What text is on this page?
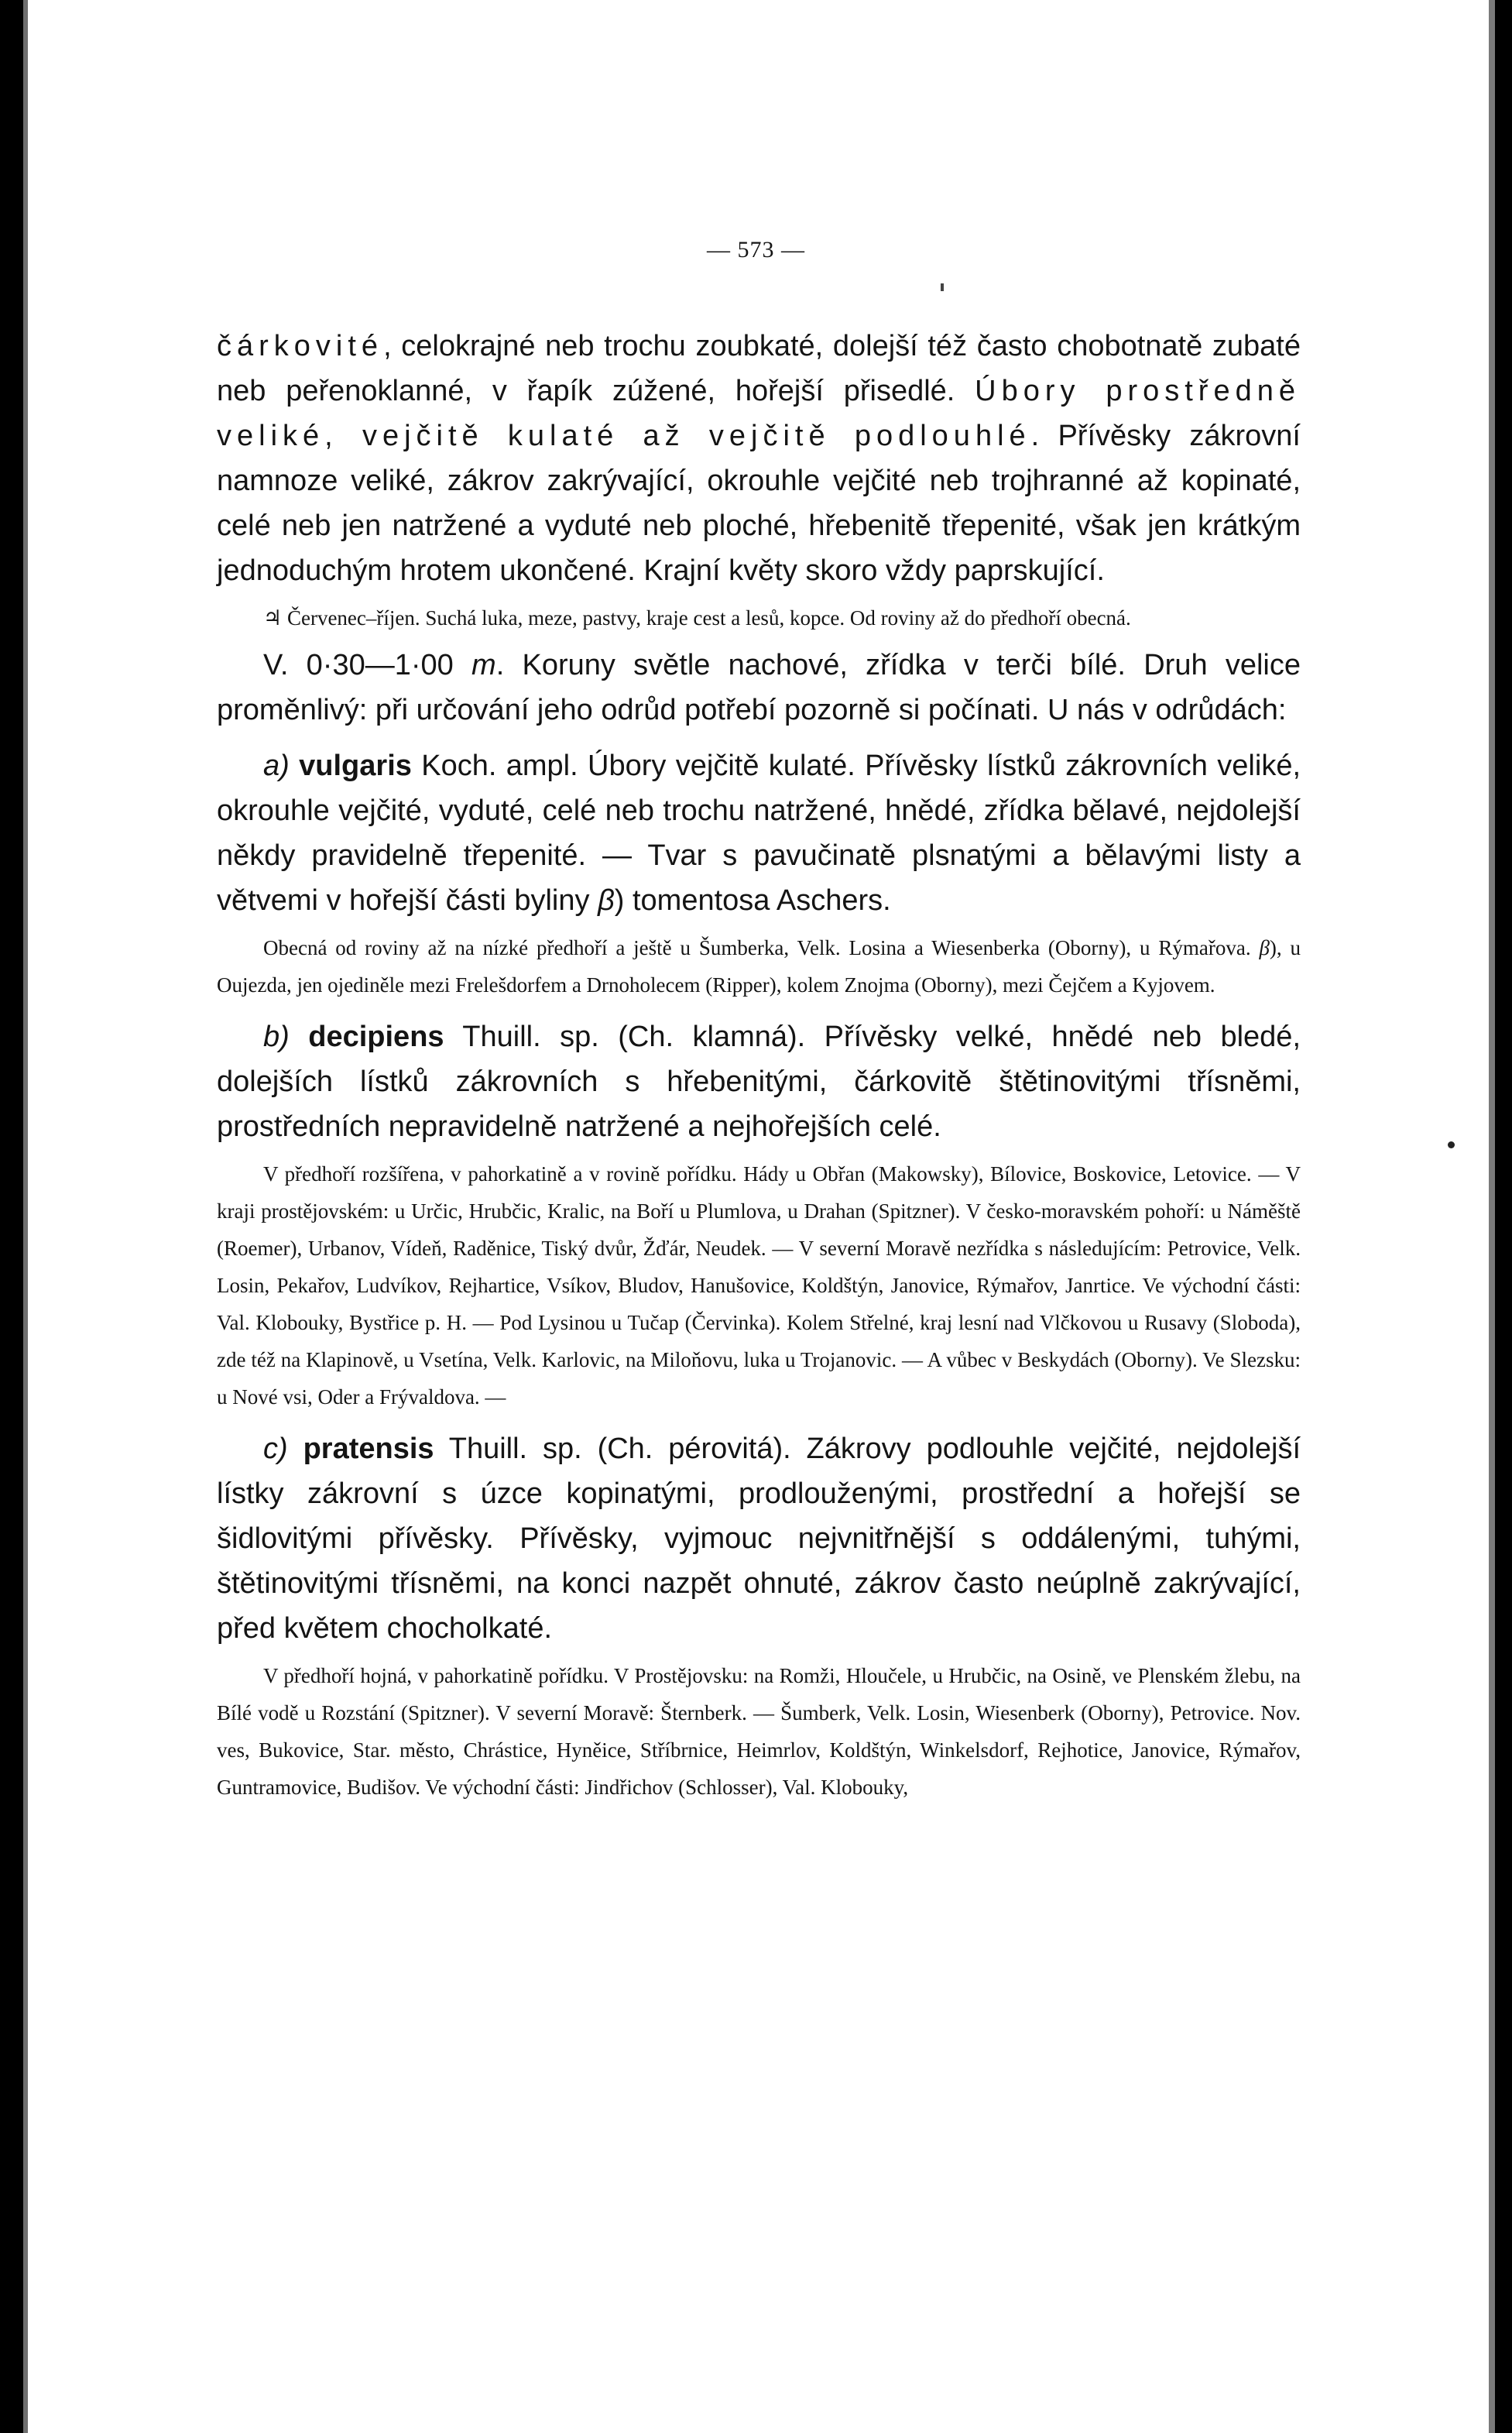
— 573 —

čárkovité, celokrajné neb trochu zoubkaté, dolejší též často chobotnatě zubaté neb peřenoklanné, v řapík zúžené, hořejší přisedlé. Úbory prostředně veliké, vejčitě kulaté až vejčitě podlouhlé. Přívěsky zákrovní namnoze veliké, zákrov zakrývající, okrouhle vejčité neb trojhranné až kopinaté, celé neb jen natržené a vyduté neb ploché, hřebenitě třepenité, však jen krátkým jednoduchým hrotem ukončené. Krajní květy skoro vždy paprskující.

♃ Červenec–říjen. Suchá luka, meze, pastvy, kraje cest a lesů, kopce. Od roviny až do předhoří obecná.

V. 0·30—1·00 m. Koruny světle nachové, zřídka v terči bílé. Druh velice proměnlivý: při určování jeho odrůd potřebí pozorně si počínati. U nás v odrůdách:

a) vulgaris Koch. ampl. Úbory vejčitě kulaté. Přívěsky lístků zákrovních veliké, okrouhle vejčité, vyduté, celé neb trochu natržené, hnědé, zřídka bělavé, nejdolejší někdy pravidelně třepenité. — Tvar s pavučinatě plsnatými a bělavými listy a větvemi v hořejší části byliny β) tomentosa Aschers.

Obecná od roviny až na nízké předhoří a ještě u Šumberka, Velk. Losina a Wiesenberka (Oborny), u Rýmařova. β), u Oujezda, jen ojediněle mezi Frelešdorfem a Drnoholecem (Ripper), kolem Znojma (Oborny), mezi Čejčem a Kyjovem.

b) decipiens Thuill. sp. (Ch. klamná). Přívěsky velké, hnědé neb bledé, dolejších lístků zákrovních s hřebenitými, čárkovitě štětinovitými třísněmi, prostředních nepravidelně natržené a nejhořejších celé.

V předhoří rozšířena, v pahorkatině a v rovině pořídku. Hády u Obřan (Makowsky), Bílovice, Boskovice, Letovice. — V kraji prostějovském: u Určic, Hrubčic, Kralic, na Boří u Plumlova, u Drahan (Spitzner). V česko-moravském pohoří: u Náměště (Roemer), Urbanov, Vídeň, Raděnice, Tiský dvůr, Žďár, Neudek. — V severní Moravě nezřídka s následujícím: Petrovice, Velk. Losin, Pekařov, Ludvíkov, Rejhartice, Vsíkov, Bludov, Hanušovice, Koldštýn, Janovice, Rýmařov, Janrtice. Ve východní části: Val. Klobouky, Bystřice p. H. — Pod Lysinou u Tučap (Červinka). Kolem Střelné, kraj lesní nad Vlčkovou u Rusavy (Sloboda), zde též na Klapinově, u Vsetína, Velk. Karlovic, na Miloňovu, luka u Trojanovic. — A vůbec v Beskydách (Oborny). Ve Slezsku: u Nové vsi, Oder a Frývaldova. —

c) pratensis Thuill. sp. (Ch. pérovitá). Zákrovy podlouhle vejčité, nejdolejší lístky zákrovní s úzce kopinatými, prodlouženými, prostřední a hořejší se šidlovitými přívěsky. Přívěsky, vyjmouc nejvnitřnější s oddálenými, tuhými, štětinovitými třísněmi, na konci nazpět ohnuté, zákrov často neúplně zakrývající, před květem chocholkaté.

V předhoří hojná, v pahorkatině pořídku. V Prostějovsku: na Romži, Hloučele, u Hrubčic, na Osině, ve Plenském žlebu, na Bílé vodě u Rozstání (Spitzner). V severní Moravě: Šternberk. — Šumberk, Velk. Losin, Wiesenberk (Oborny), Petrovice. Nov. ves, Bukovice, Star. město, Chrástice, Hyněice, Stříbrnice, Heimrlov, Koldštýn, Winkelsdorf, Rejhotice, Janovice, Rýmařov, Guntramovice, Budišov. Ve východní části: Jindřichov (Schlosser), Val. Klobouky,
